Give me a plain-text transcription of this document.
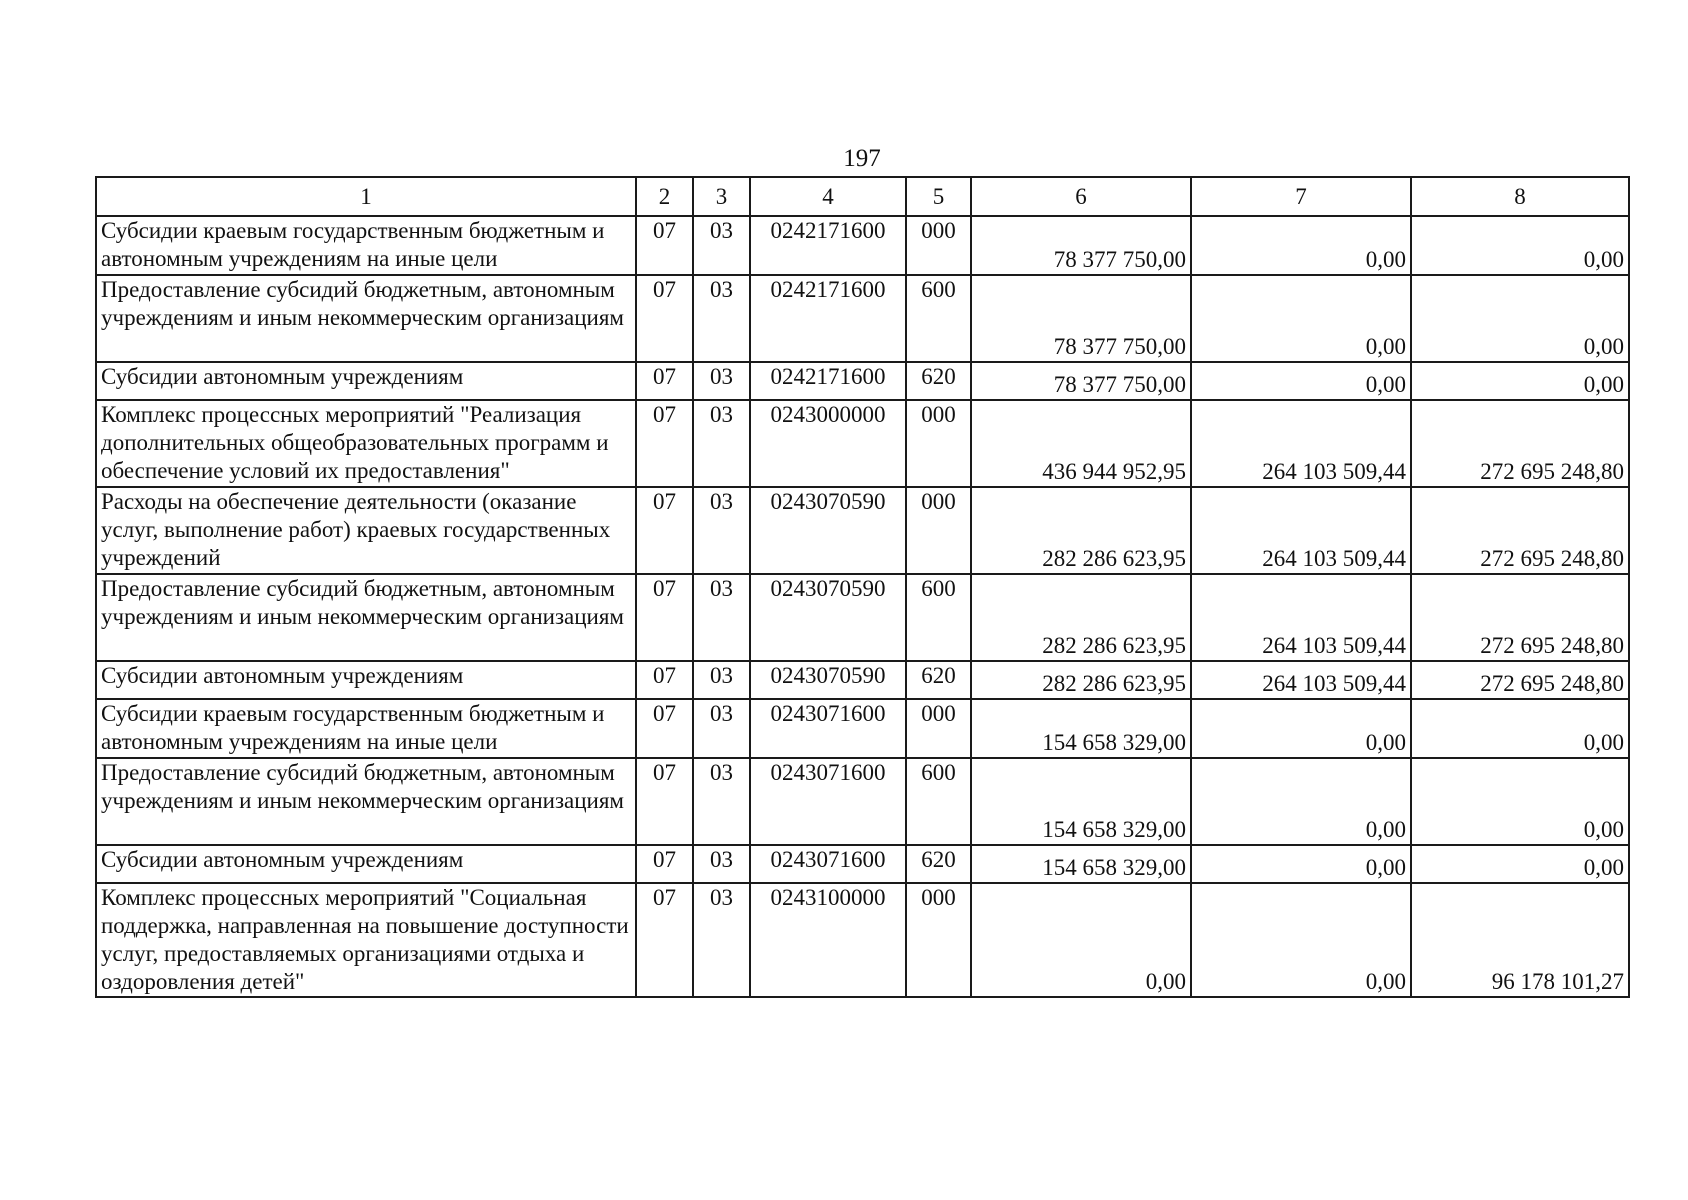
197
1	2	3	4	5	6	7	8
Субсидии краевым государственным бюджетным и автономным учреждениям на иные цели	07	03	0242171600	000	78 377 750,00	0,00	0,00
Предоставление субсидий бюджетным, автономным учреждениям и иным некоммерческим организациям	07	03	0242171600	600	78 377 750,00	0,00	0,00
Субсидии автономным учреждениям	07	03	0242171600	620	78 377 750,00	0,00	0,00
Комплекс процессных мероприятий "Реализация дополнительных общеобразовательных программ и обеспечение условий их предоставления"	07	03	0243000000	000	436 944 952,95	264 103 509,44	272 695 248,80
Расходы на обеспечение деятельности (оказание услуг, выполнение работ) краевых государственных учреждений	07	03	0243070590	000	282 286 623,95	264 103 509,44	272 695 248,80
Предоставление субсидий бюджетным, автономным учреждениям и иным некоммерческим организациям	07	03	0243070590	600	282 286 623,95	264 103 509,44	272 695 248,80
Субсидии автономным учреждениям	07	03	0243070590	620	282 286 623,95	264 103 509,44	272 695 248,80
Субсидии краевым государственным бюджетным и автономным учреждениям на иные цели	07	03	0243071600	000	154 658 329,00	0,00	0,00
Предоставление субсидий бюджетным, автономным учреждениям и иным некоммерческим организациям	07	03	0243071600	600	154 658 329,00	0,00	0,00
Субсидии автономным учреждениям	07	03	0243071600	620	154 658 329,00	0,00	0,00
Комплекс процессных мероприятий "Социальная поддержка, направленная на повышение доступности услуг, предоставляемых организациями отдыха и оздоровления детей"	07	03	0243100000	000	0,00	0,00	96 178 101,27
